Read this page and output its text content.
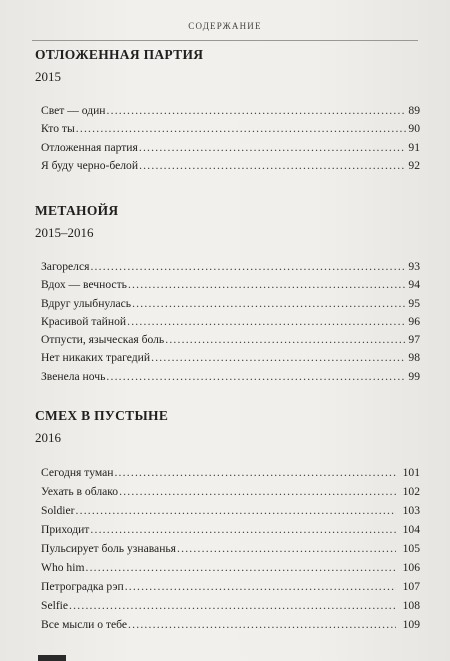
СОДЕРЖАНИЕ
ОТЛОЖЕННАЯ ПАРТИЯ
2015
Свет — один .....	89
Кто ты .....	90
Отложенная партия .....	91
Я буду черно-белой .....	92
МЕТАНОЙЯ
2015–2016
Загорелся .....	93
Вдох — вечность .....	94
Вдруг улыбнулась .....	95
Красивой тайной .....	96
Отпусти, языческая боль .....	97
Нет никаких трагедий .....	98
Звенела ночь .....	99
СМЕХ В ПУСТЫНЕ
2016
Сегодня туман .....	101
Уехать в облако .....	102
Soldier .....	103
Приходит .....	104
Пульсирует боль узнаванья .....	105
Who him .....	106
Петроградка рэп .....	107
Selfie .....	108
Все мысли о тебе .....	109
